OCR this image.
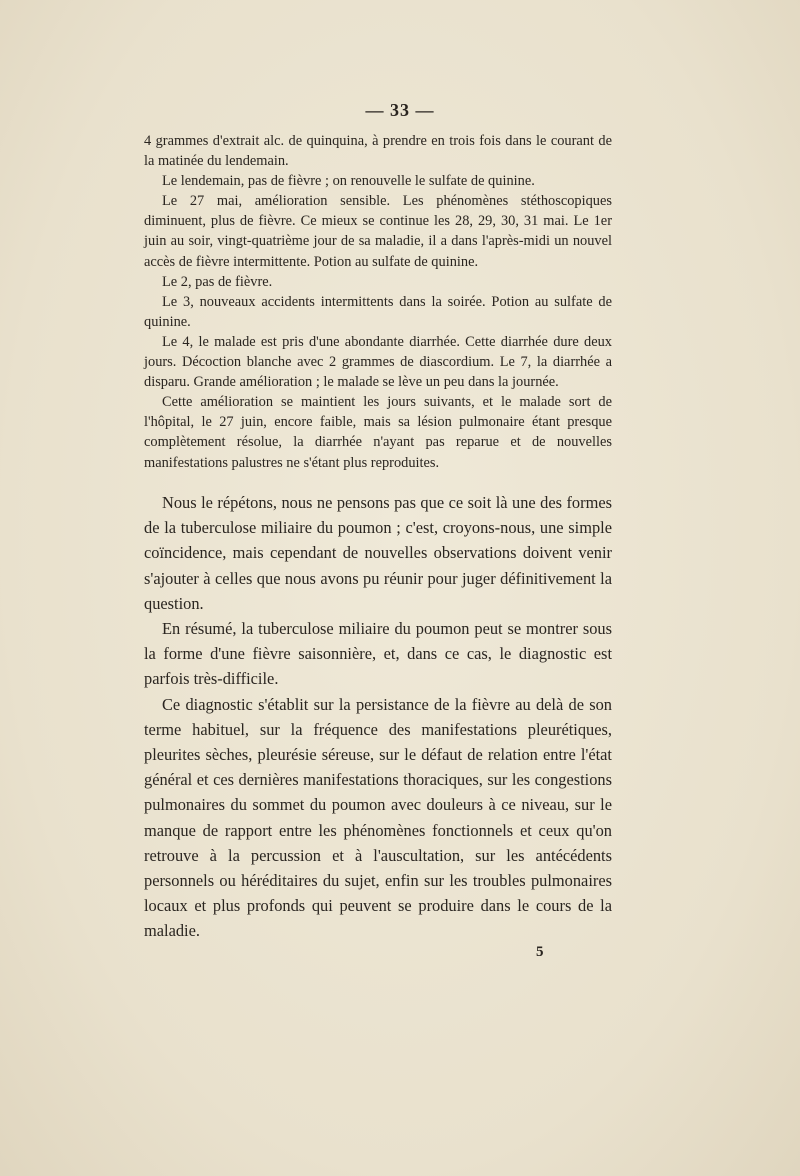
— 33 —

4 grammes d'extrait alc. de quinquina, à prendre en trois fois dans le courant de la matinée du lendemain.

Le lendemain, pas de fièvre ; on renouvelle le sulfate de quinine.

Le 27 mai, amélioration sensible. Les phénomènes stéthoscopiques diminuent, plus de fièvre. Ce mieux se continue les 28, 29, 30, 31 mai. Le 1er juin au soir, vingt-quatrième jour de sa maladie, il a dans l'après-midi un nouvel accès de fièvre intermittente. Potion au sulfate de quinine.

Le 2, pas de fièvre.

Le 3, nouveaux accidents intermittents dans la soirée. Potion au sulfate de quinine.

Le 4, le malade est pris d'une abondante diarrhée. Cette diarrhée dure deux jours. Décoction blanche avec 2 grammes de diascordium. Le 7, la diarrhée a disparu. Grande amélioration ; le malade se lève un peu dans la journée.

Cette amélioration se maintient les jours suivants, et le malade sort de l'hôpital, le 27 juin, encore faible, mais sa lésion pulmonaire étant presque complètement résolue, la diarrhée n'ayant pas reparue et de nouvelles manifestations palustres ne s'étant plus reproduites.

Nous le répétons, nous ne pensons pas que ce soit là une des formes de la tuberculose miliaire du poumon ; c'est, croyons-nous, une simple coïncidence, mais cependant de nouvelles observations doivent venir s'ajouter à celles que nous avons pu réunir pour juger définitivement la question.

En résumé, la tuberculose miliaire du poumon peut se montrer sous la forme d'une fièvre saisonnière, et, dans ce cas, le diagnostic est parfois très-difficile.

Ce diagnostic s'établit sur la persistance de la fièvre au delà de son terme habituel, sur la fréquence des manifestations pleurétiques, pleurites sèches, pleurésie séreuse, sur le défaut de relation entre l'état général et ces dernières manifestations thoraciques, sur les congestions pulmonaires du sommet du poumon avec douleurs à ce niveau, sur le manque de rapport entre les phénomènes fonctionnels et ceux qu'on retrouve à la percussion et à l'auscultation, sur les antécédents personnels ou héréditaires du sujet, enfin sur les troubles pulmonaires locaux et plus profonds qui peuvent se produire dans le cours de la maladie.

5
